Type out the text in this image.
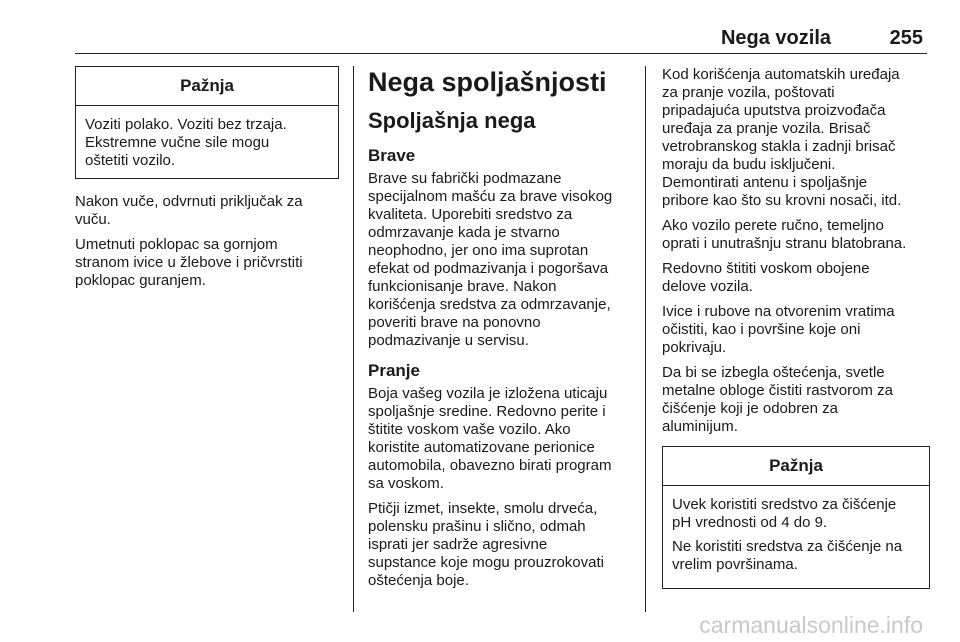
Nega vozila	255
Pažnja
Voziti polako. Voziti bez trzaja.
Ekstremne vučne sile mogu
oštetiti vozilo.

Nakon vuče, odvrnuti priključak za
vuču.

Umetnuti poklopac sa gornjom
stranom ivice u žlebove i pričvrstiti
poklopac guranjem.

Nega spoljašnjosti
Spoljašnja nega
Brave

Brave su fabrički podmazane
specijalnom mašću za brave visokog
kvaliteta. Uporebiti sredstvo za
odmrzavanje kada je stvarno
neophodno, jer ono ima suprotan
efekat od podmazivanja i pogoršava
funkcionisanje brave. Nakon
korišćenja sredstva za odmrzavanje,
poveriti brave na ponovno
podmazivanje u servisu.

Pranje

Boja vašeg vozila je izložena uticaju
spoljašnje sredine. Redovno perite i
štitite voskom vaše vozilo. Ako
koristite automatizovane perionice
automobila, obavezno birati program
sa voskom.

Ptičji izmet, insekte, smolu drveća,
polensku prašinu i slično, odmah
isprati jer sadrže agresivne
supstance koje mogu prouzrokovati
oštećenja boje.

Kod korišćenja automatskih uređaja
za pranje vozila, poštovati
pripadajuća uputstva proizvođača
uređaja za pranje vozila. Brisač
vetrobranskog stakla i zadnji brisač
moraju da budu isključeni.
Demontirati antenu i spoljašnje
pribore kao što su krovni nosači, itd.

Ako vozilo perete ručno, temeljno
oprati i unutrašnju stranu blatobrana.

Redovno štititi voskom obojene
delove vozila.

Ivice i rubove na otvorenim vratima
očistiti, kao i površine koje oni
pokrivaju.

Da bi se izbegla oštećenja, svetle
metalne obloge čistiti rastvorom za
čišćenje koji je odobren za
aluminijum.

Pažnja

Uvek koristiti sredstvo za čišćenje
pH vrednosti od 4 do 9.

Ne koristiti sredstva za čišćenje na
vrelim površinama.

carmanualsonline.info
